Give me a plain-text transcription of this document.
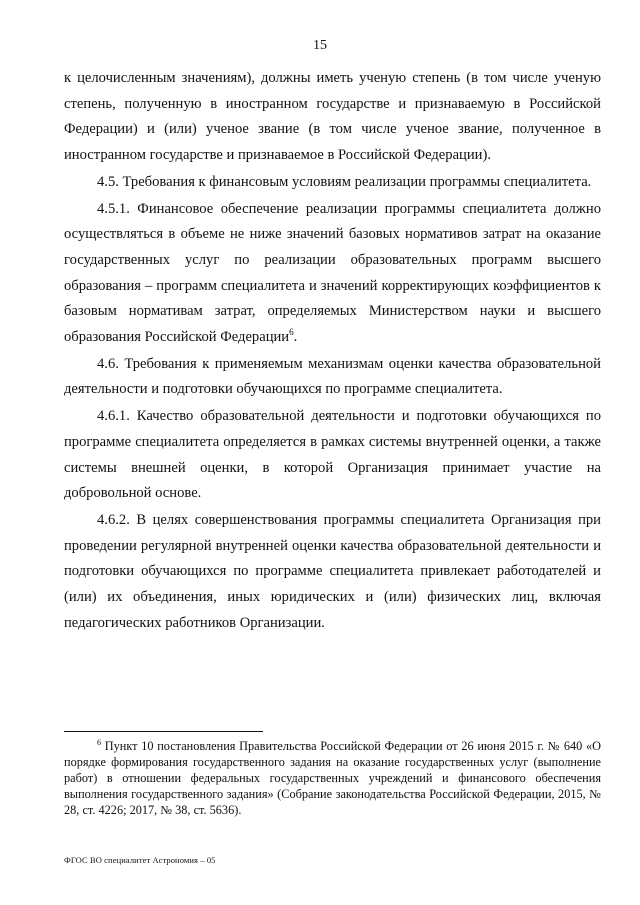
15

к целочисленным значениям), должны иметь ученую степень (в том числе ученую степень, полученную в иностранном государстве и признаваемую в Российской Федерации) и (или) ученое звание (в том числе ученое звание, полученное в иностранном государстве и признаваемое в Российской Федерации).

4.5. Требования к финансовым условиям реализации программы специалитета.

4.5.1. Финансовое обеспечение реализации программы специалитета должно осуществляться в объеме не ниже значений базовых нормативов затрат на оказание государственных услуг по реализации образовательных программ высшего образования – программ специалитета и значений корректирующих коэффициентов к базовым нормативам затрат, определяемых Министерством науки и высшего образования Российской Федерации$^6$.

4.6. Требования к применяемым механизмам оценки качества образовательной деятельности и подготовки обучающихся по программе специалитета.

4.6.1. Качество образовательной деятельности и подготовки обучающихся по программе специалитета определяется в рамках системы внутренней оценки, а также системы внешней оценки, в которой Организация принимает участие на добровольной основе.

4.6.2. В целях совершенствования программы специалитета Организация при проведении регулярной внутренней оценки качества образовательной деятельности и подготовки обучающихся по программе специалитета привлекает работодателей и (или) их объединения, иных юридических и (или) физических лиц, включая педагогических работников Организации.

$^6$ Пункт 10 постановления Правительства Российской Федерации от 26 июня 2015 г. № 640 «О порядке формирования государственного задания на оказание государственных услуг (выполнение работ) в отношении федеральных государственных учреждений и финансового обеспечения выполнения государственного задания» (Собрание законодательства Российской Федерации, 2015, № 28, ст. 4226; 2017, № 38, ст. 5636).
ФГОС ВО специалитет Астрономия – 05
